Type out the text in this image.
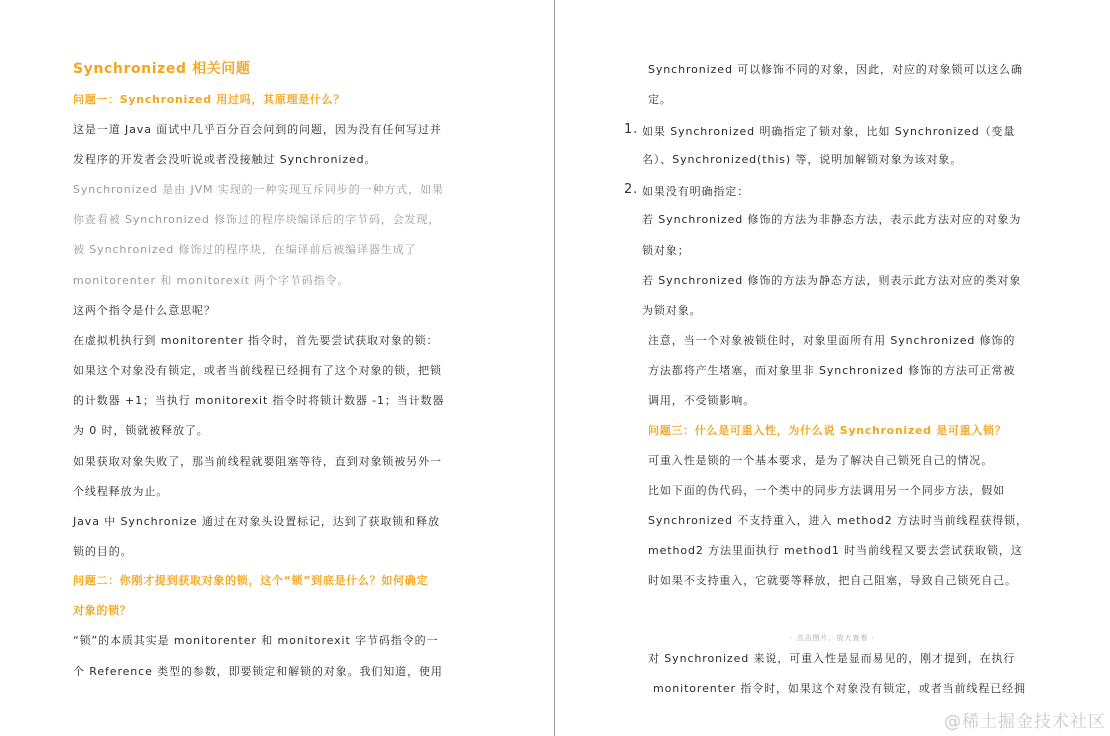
Synchronized 相关问题
问题一：Synchronized 用过吗，其原理是什么？
这是一道 Java 面试中几乎百分百会问到的问题，因为没有任何写过并
发程序的开发者会没听说或者没接触过 Synchronized。
Synchronized 是由 JVM 实现的一种实现互斥同步的一种方式，如果
你查看被 Synchronized 修饰过的程序块编译后的字节码，会发现，
被 Synchronized 修饰过的程序块，在编译前后被编译器生成了
monitorenter 和 monitorexit 两个字节码指令。
这两个指令是什么意思呢？
在虚拟机执行到 monitorenter 指令时，首先要尝试获取对象的锁：
如果这个对象没有锁定，或者当前线程已经拥有了这个对象的锁，把锁
的计数器 +1；当执行 monitorexit 指令时将锁计数器 -1；当计数器
为 0 时，锁就被释放了。
如果获取对象失败了，那当前线程就要阻塞等待，直到对象锁被另外一
个线程释放为止。
Java 中 Synchronize 通过在对象头设置标记，达到了获取锁和释放
锁的目的。
问题二：你刚才提到获取对象的锁，这个“锁”到底是什么？如何确定
对象的锁？
“锁”的本质其实是 monitorenter 和 monitorexit 字节码指令的一
个 Reference 类型的参数，即要锁定和解锁的对象。我们知道，使用
Synchronized 可以修饰不同的对象，因此，对应的对象锁可以这么确
定。
1. 如果 Synchronized 明确指定了锁对象，比如 Synchronized（变量
名）、Synchronized(this) 等，说明加解锁对象为该对象。
2. 如果没有明确指定：
若 Synchronized 修饰的方法为非静态方法，表示此方法对应的对象为
锁对象；
若 Synchronized 修饰的方法为静态方法，则表示此方法对应的类对象
为锁对象。
注意，当一个对象被锁住时，对象里面所有用 Synchronized 修饰的
方法都将产生堵塞，而对象里非 Synchronized 修饰的方法可正常被
调用，不受锁影响。
问题三：什么是可重入性，为什么说 Synchronized 是可重入锁？
可重入性是锁的一个基本要求，是为了解决自己锁死自己的情况。
比如下面的伪代码，一个类中的同步方法调用另一个同步方法，假如
Synchronized 不支持重入，进入 method2 方法时当前线程获得锁，
method2 方法里面执行 method1 时当前线程又要去尝试获取锁，这
时如果不支持重入，它就要等释放，把自己阻塞，导致自己锁死自己。
· 点击图片，放大查看 ·
对 Synchronized 来说，可重入性是显而易见的，刚才提到，在执行
monitorenter 指令时，如果这个对象没有锁定，或者当前线程已经拥
@稀土掘金技术社区
